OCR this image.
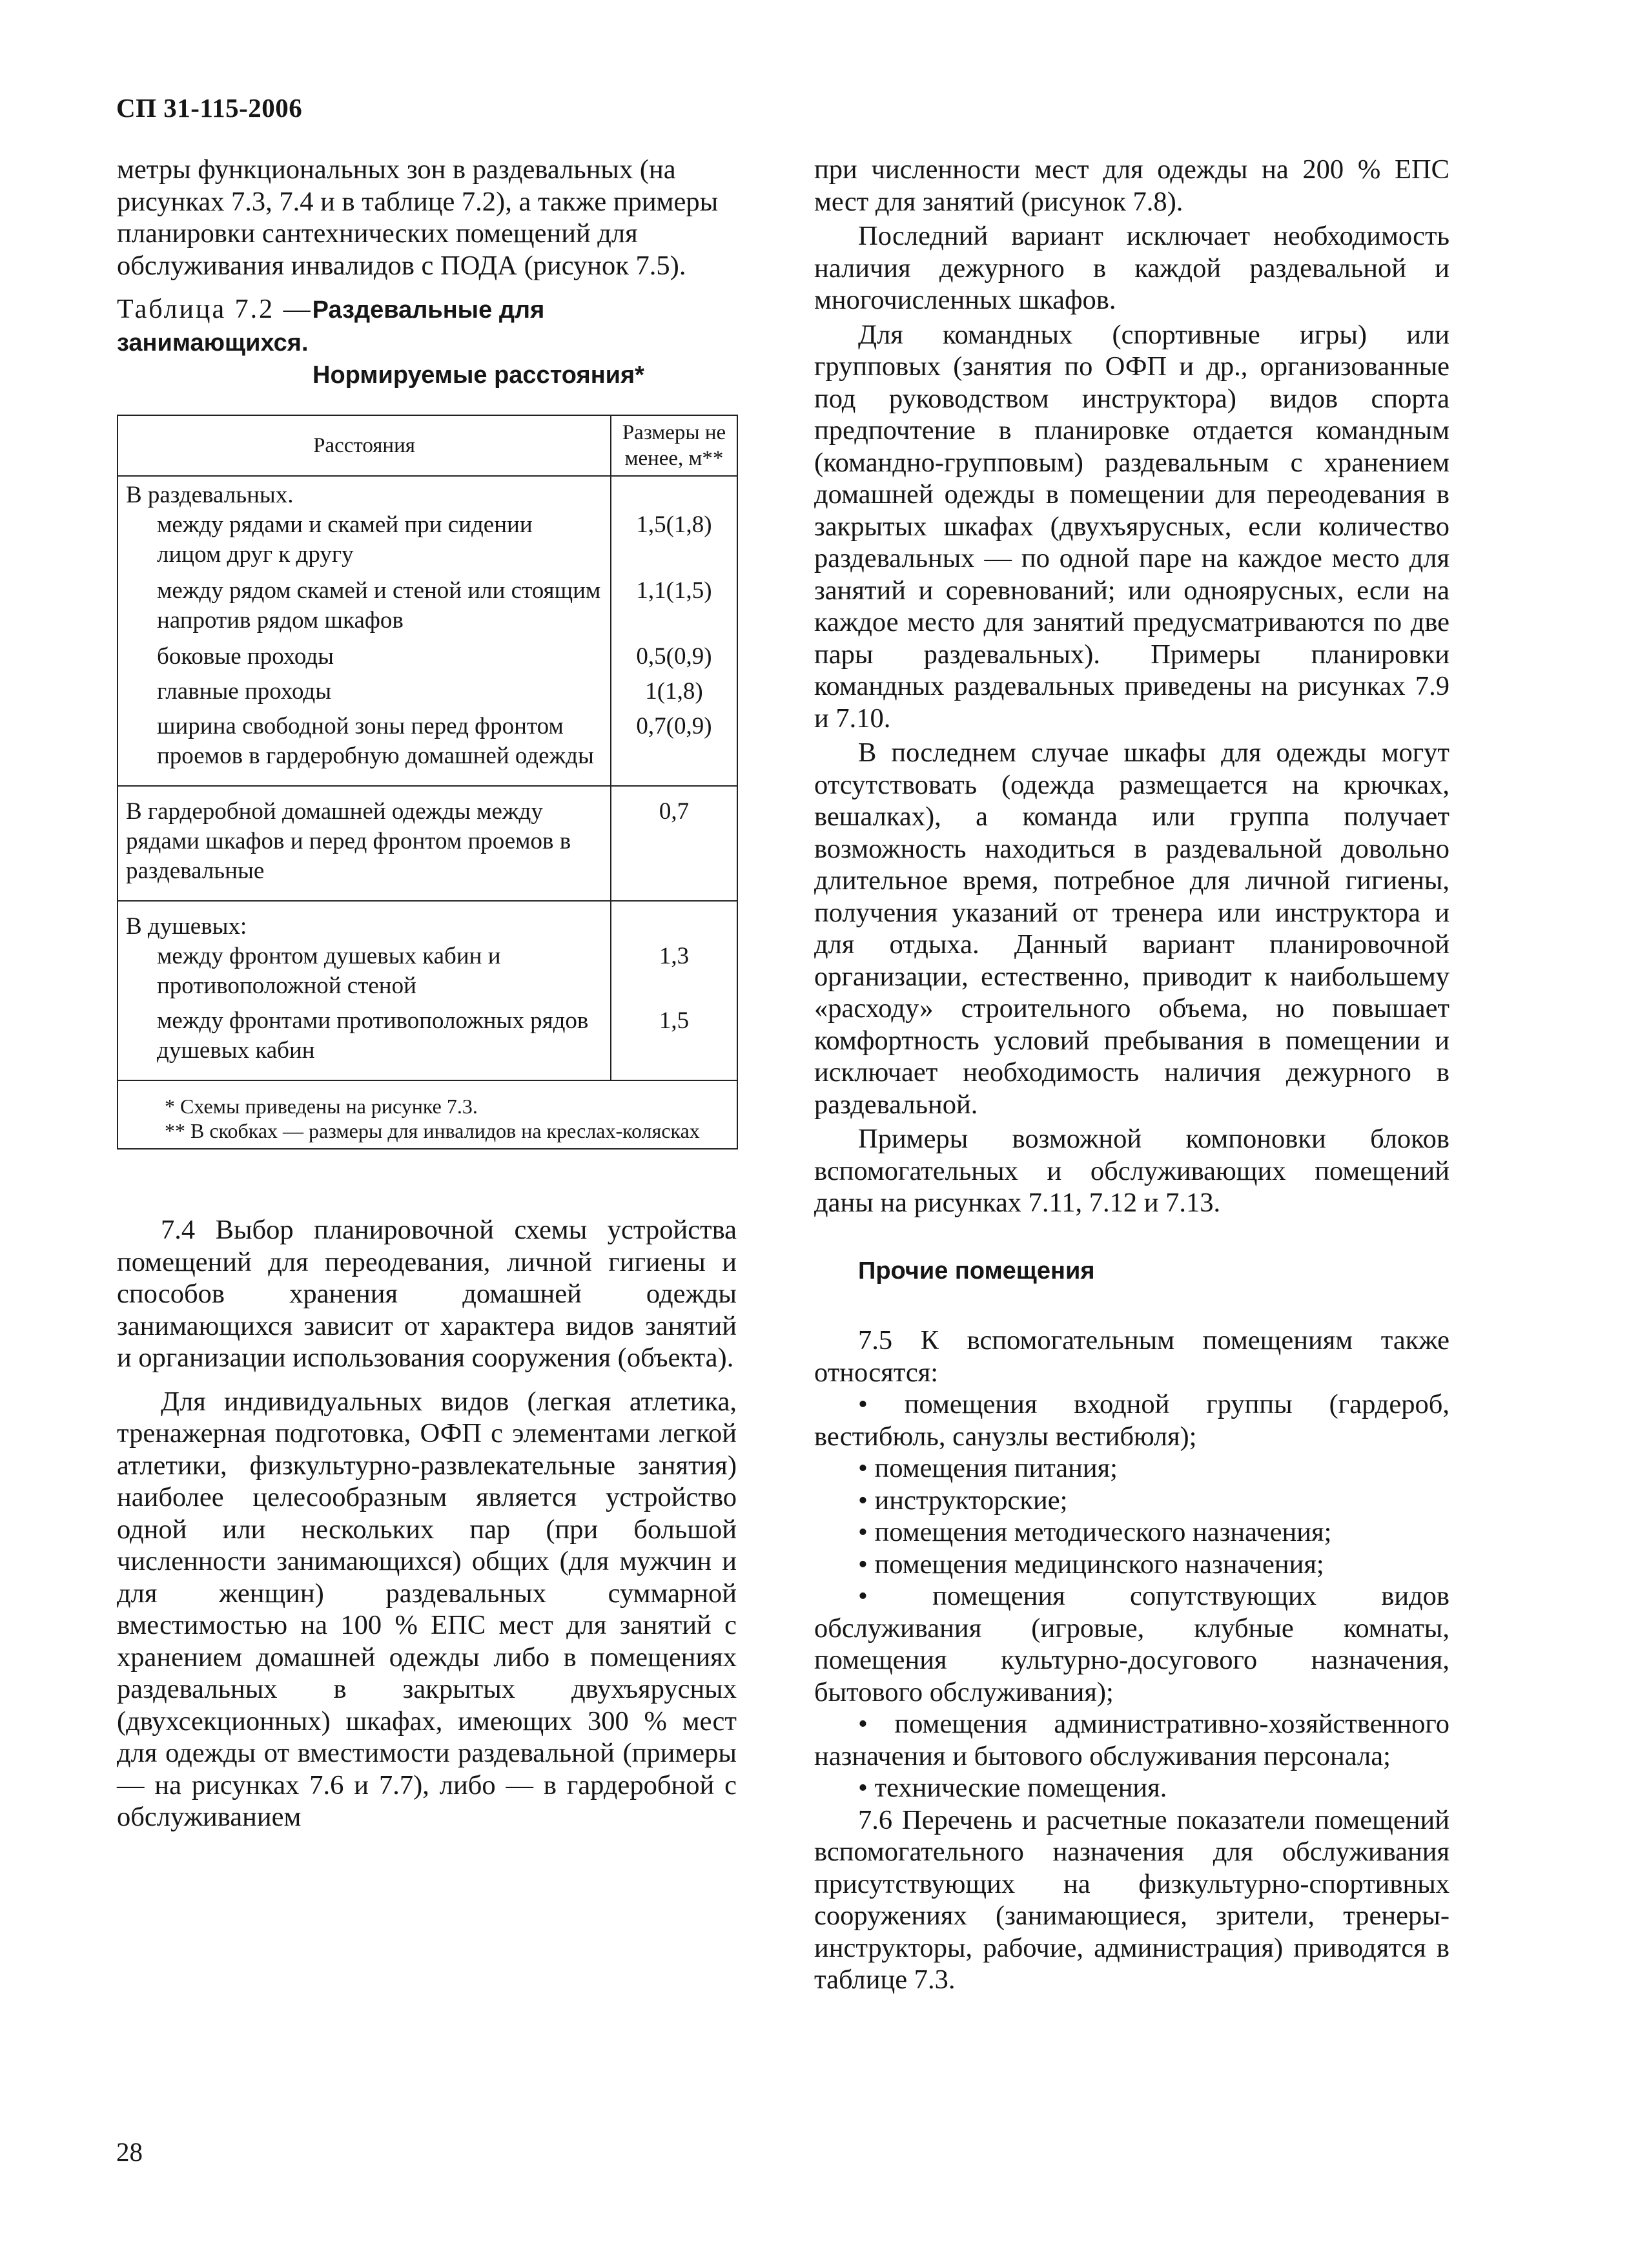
СП 31-115-2006

метры функциональных зон в раздевальных (на рисунках 7.3, 7.4 и в таблице 7.2), а также примеры планировки сантехнических помещений для обслуживания инвалидов с ПОДА (рисунок 7.5).

Таблица 7.2 —Раздевальные для занимающихся.
Нормируемые расстояния*
Расстояния	Размеры не менее, м**
В раздевальных.	
между рядами и скамей при сидении лицом друг к другу	1,5(1,8)
между рядом скамей и стеной или стоящим напротив рядом шкафов	1,1(1,5)
боковые проходы	0,5(0,9)
главные проходы	1(1,8)
ширина свободной зоны перед фронтом проемов в гардеробную домашней одежды	0,7(0,9)
В гардеробной домашней одежды между рядами шкафов и перед фронтом проемов в раздевальные	0,7
В душевых:	
между фронтом душевых кабин и противоположной стеной	1,3
между фронтами противоположных рядов душевых кабин	1,5

* Схемы приведены на рисунке 7.3.
** В скобках — размеры для инвалидов на креслах-колясках	

7.4 Выбор планировочной схемы устройства помещений для переодевания, личной гигиены и способов хранения домашней одежды занимающихся зависит от характера видов занятий и организации использования сооружения (объекта).

Для индивидуальных видов (легкая атлетика, тренажерная подготовка, ОФП с элементами легкой атлетики, физкультурно-развлекательные занятия) наиболее целесообразным является устройство одной или нескольких пар (при большой численности занимающихся) общих (для мужчин и для женщин) раздевальных суммарной вместимостью на 100 % ЕПС мест для занятий с хранением домашней одежды либо в помещениях раздевальных в закрытых двухъярусных (двухсекционных) шкафах, имеющих 300 % мест для одежды от вместимости раздевальной (примеры — на рисунках 7.6 и 7.7), либо — в гардеробной с обслуживанием

при численности мест для одежды на 200 % ЕПС мест для занятий (рисунок 7.8).

Последний вариант исключает необходимость наличия дежурного в каждой раздевальной и многочисленных шкафов.

Для командных (спортивные игры) или групповых (занятия по ОФП и др., организованные под руководством инструктора) видов спорта предпочтение в планировке отдается командным (командно-групповым) раздевальным с хранением домашней одежды в помещении для переодевания в закрытых шкафах (двухъярусных, если количество раздевальных — по одной паре на каждое место для занятий и соревнований; или одноярусных, если на каждое место для занятий предусматриваются по две пары раздевальных). Примеры планировки командных раздевальных приведены на рисунках 7.9 и 7.10.

В последнем случае шкафы для одежды могут отсутствовать (одежда размещается на крючках, вешалках), а команда или группа получает возможность находиться в раздевальной довольно длительное время, потребное для личной гигиены, получения указаний от тренера или инструктора и для отдыха. Данный вариант планировочной организации, естественно, приводит к наибольшему «расходу» строительного объема, но повышает комфортность условий пребывания в помещении и исключает необходимость наличия дежурного в раздевальной.

Примеры возможной компоновки блоков вспомогательных и обслуживающих помещений даны на рисунках 7.11, 7.12 и 7.13.

Прочие помещения

7.5 К вспомогательным помещениям также относятся:

• помещения входной группы (гардероб, вестибюль, санузлы вестибюля);

• помещения питания;

• инструкторские;

• помещения методического назначения;

• помещения медицинского назначения;

• помещения сопутствующих видов обслуживания (игровые, клубные комнаты, помещения культурно-досугового назначения, бытового обслуживания);

• помещения административно-хозяйственного назначения и бытового обслуживания персонала;

• технические помещения.

7.6 Перечень и расчетные показатели помещений вспомогательного назначения для обслуживания присутствующих на физкультурно-спортивных сооружениях (занимающиеся, зрители, тренеры-инструкторы, рабочие, администрация) приводятся в таблице 7.3.

28
